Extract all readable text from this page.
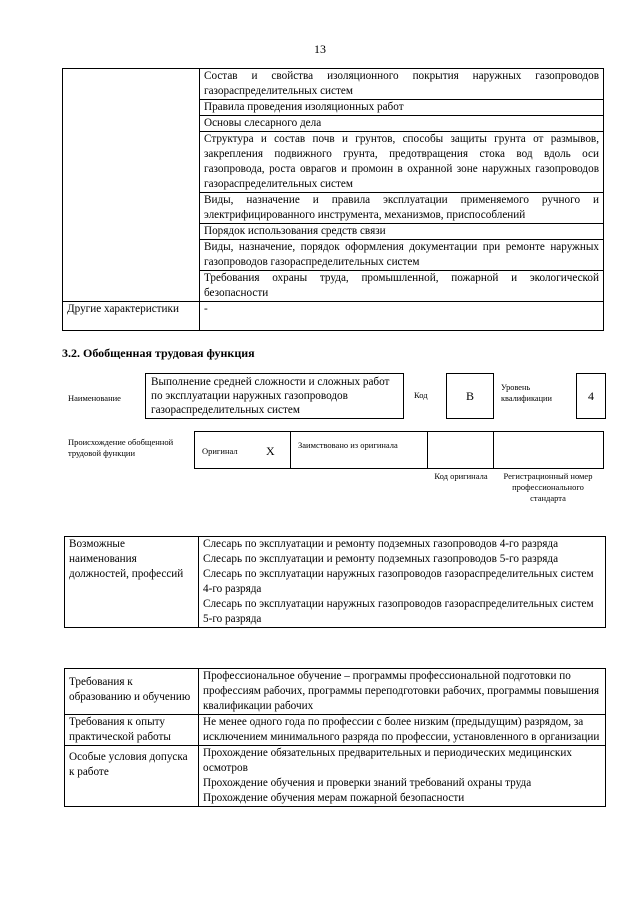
13
	Состав и свойства изоляционного покрытия наружных газопроводов газораспределительных систем
	Правила проведения изоляционных работ
	Основы слесарного дела
	Структура и состав почв и грунтов, способы защиты грунта от размывов, закрепления подвижного грунта, предотвращения стока вод вдоль оси газопровода, роста оврагов и промоин в охранной зоне наружных газопроводов газораспределительных систем
	Виды, назначение и правила эксплуатации применяемого ручного и электрифицированного инструмента, механизмов, приспособлений
	Порядок использования средств связи
	Виды, назначение, порядок оформления документации при ремонте наружных газопроводов газораспределительных систем
	Требования охраны труда, промышленной, пожарной и экологической безопасности
Другие характеристики	-
3.2. Обобщенная трудовая функция
Наименование
Выполнение средней сложности и сложных работ по эксплуатации наружных газопроводов газораспределительных систем
Код	B
Уровень квалификации	4
Происхождение обобщенной трудовой функции	Оригинал X	Заимствовано из оригинала
Код оригинала	Регистрационный номер профессионального стандарта
Возможные наименования должностей, профессий	
Слесарь по эксплуатации и ремонту подземных газопроводов 4-го разряда
Слесарь по эксплуатации и ремонту подземных газопроводов 5-го разряда
Слесарь по эксплуатации наружных газопроводов газораспределительных систем 4-го разряда
Слесарь по эксплуатации наружных газопроводов газораспределительных систем 5-го разряда
Требования к образованию и обучению	Профессиональное обучение – программы профессиональной подготовки по профессиям рабочих, программы переподготовки рабочих, программы повышения квалификации рабочих
Требования к опыту практической работы	Не менее одного года по профессии с более низким (предыдущим) разрядом, за исключением минимального разряда по профессии, установленного в организации
Особые условия допуска к работе	Прохождение обязательных предварительных и периодических медицинских осмотров
Прохождение обучения и проверки знаний требований охраны труда
Прохождение обучения мерам пожарной безопасности
